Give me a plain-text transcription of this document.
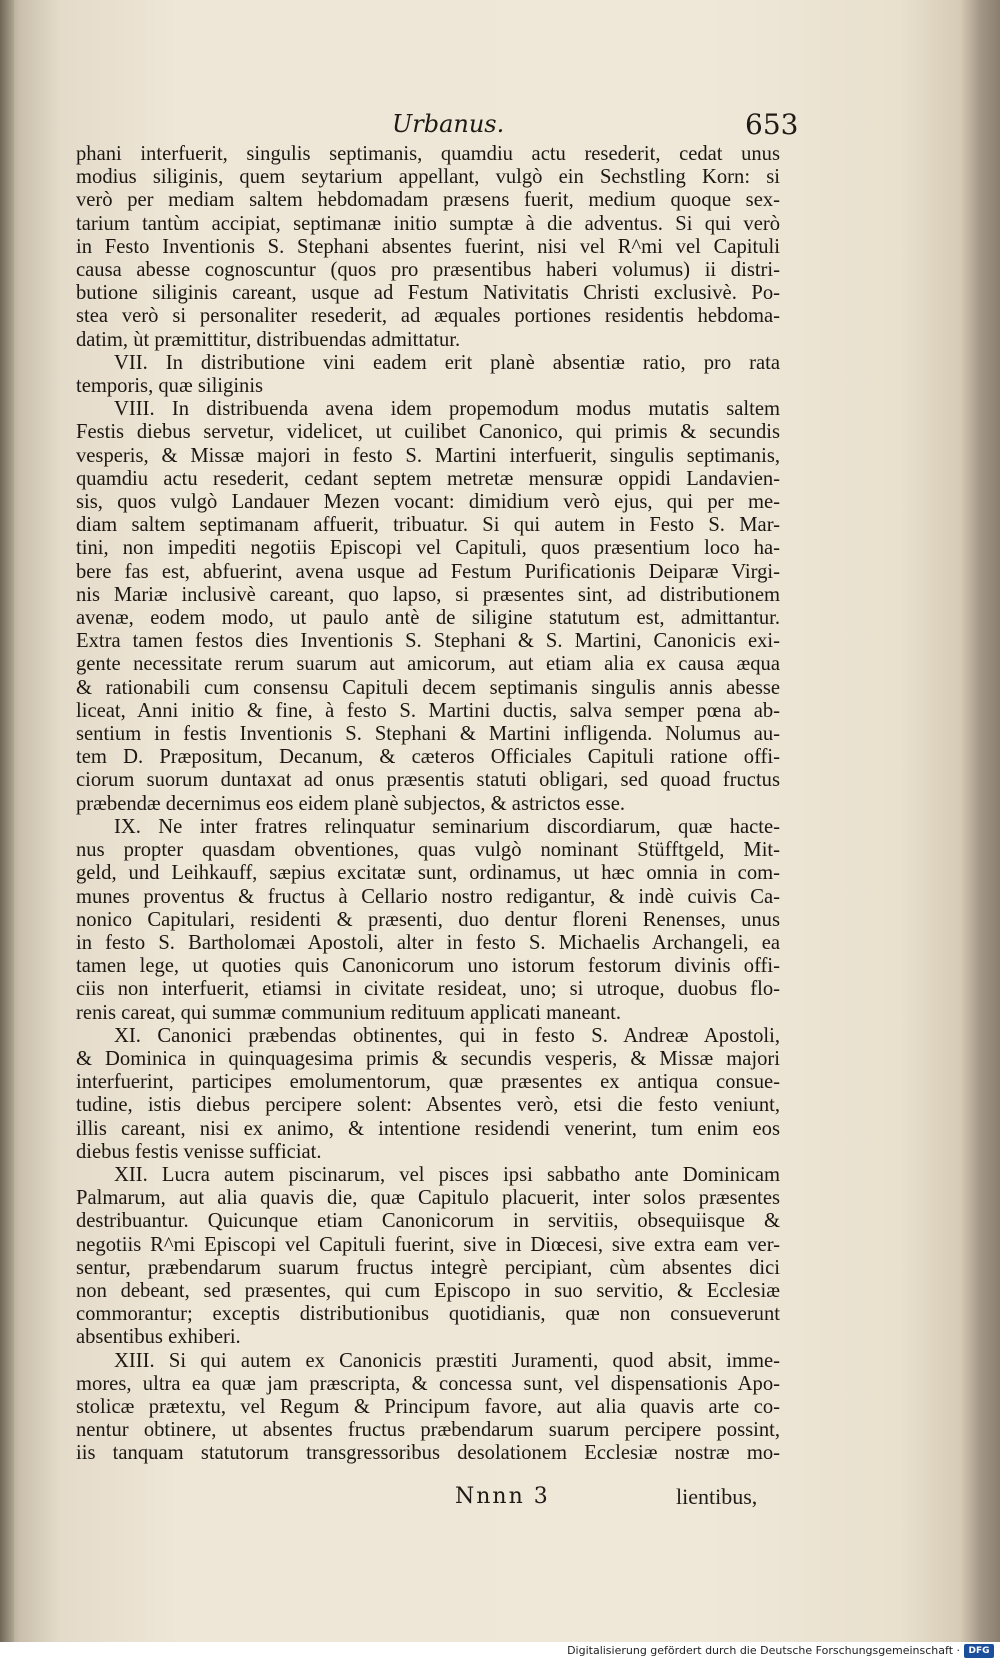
Urbanus.	653
phani interfuerit, singulis septimanis, quamdiu actu resederit, cedat unus
modius siliginis, quem seytarium appellant, vulgò ein Sechstling Korn: si
verò per mediam saltem hebdomadam præsens fuerit, medium quoque sex-
tarium tantùm accipiat, septimanæ initio sumptæ à die adventus. Si qui verò
in Festo Inventionis S. Stephani absentes fuerint, nisi vel R^mi vel Capituli
causa abesse cognoscuntur (quos pro præsentibus haberi volumus) ii distri-
butione siliginis careant, usque ad Festum Nativitatis Christi exclusivè. Po-
stea verò si personaliter resederit, ad æquales portiones residentis hebdoma-
datim, ùt præmittitur, distribuendas admittatur.
VII. In distributione vini eadem erit planè absentiæ ratio, pro rata
temporis, quæ siliginis
VIII. In distribuenda avena idem propemodum modus mutatis saltem
Festis diebus servetur, videlicet, ut cuilibet Canonico, qui primis & secundis
vesperis, & Missæ majori in festo S. Martini interfuerit, singulis septimanis,
quamdiu actu resederit, cedant septem metretæ mensuræ oppidi Landavien-
sis, quos vulgò Landauer Mezen vocant: dimidium verò ejus, qui per me-
diam saltem septimanam affuerit, tribuatur. Si qui autem in Festo S. Mar-
tini, non impediti negotiis Episcopi vel Capituli, quos præsentium loco ha-
bere fas est, abfuerint, avena usque ad Festum Purificationis Deiparæ Virgi-
nis Mariæ inclusivè careant, quo lapso, si præsentes sint, ad distributionem
avenæ, eodem modo, ut paulo antè de siligine statutum est, admittantur.
Extra tamen festos dies Inventionis S. Stephani & S. Martini, Canonicis exi-
gente necessitate rerum suarum aut amicorum, aut etiam alia ex causa æqua
& rationabili cum consensu Capituli decem septimanis singulis annis abesse
liceat, Anni initio & fine, à festo S. Martini ductis, salva semper pœna ab-
sentium in festis Inventionis S. Stephani & Martini infligenda. Nolumus au-
tem D. Præpositum, Decanum, & cæteros Officiales Capituli ratione offi-
ciorum suorum duntaxat ad onus præsentis statuti obligari, sed quoad fructus
præbendæ decernimus eos eidem planè subjectos, & astrictos esse.
IX. Ne inter fratres relinquatur seminarium discordiarum, quæ hacte-
nus propter quasdam obventiones, quas vulgò nominant Stüfftgeld, Mit-
geld, und Leihkauff, sæpius excitatæ sunt, ordinamus, ut hæc omnia in com-
munes proventus & fructus à Cellario nostro redigantur, & indè cuivis Ca-
nonico Capitulari, residenti & præsenti, duo dentur floreni Renenses, unus
in festo S. Bartholomæi Apostoli, alter in festo S. Michaelis Archangeli, ea
tamen lege, ut quoties quis Canonicorum uno istorum festorum divinis offi-
ciis non interfuerit, etiamsi in civitate resideat, uno; si utroque, duobus flo-
renis careat, qui summæ communium redituum applicati maneant.
XI. Canonici præbendas obtinentes, qui in festo S. Andreæ Apostoli,
& Dominica in quinquagesima primis & secundis vesperis, & Missæ majori
interfuerint, participes emolumentorum, quæ præsentes ex antiqua consue-
tudine, istis diebus percipere solent: Absentes verò, etsi die festo veniunt,
illis careant, nisi ex animo, & intentione residendi venerint, tum enim eos
diebus festis venisse sufficiat.
XII. Lucra autem piscinarum, vel pisces ipsi sabbatho ante Dominicam
Palmarum, aut alia quavis die, quæ Capitulo placuerit, inter solos præsentes
destribuantur. Quicunque etiam Canonicorum in servitiis, obsequiisque &
negotiis R^mi Episcopi vel Capituli fuerint, sive in Diœcesi, sive extra eam ver-
sentur, præbendarum suarum fructus integrè percipiant, cùm absentes dici
non debeant, sed præsentes, qui cum Episcopo in suo servitio, & Ecclesiæ
commorantur; exceptis distributionibus quotidianis, quæ non consueverunt
absentibus exhiberi.
XIII. Si qui autem ex Canonicis præstiti Juramenti, quod absit, imme-
mores, ultra ea quæ jam præscripta, & concessa sunt, vel dispensationis Apo-
stolicæ prætextu, vel Regum & Principum favore, aut alia quavis arte co-
nentur obtinere, ut absentes fructus præbendarum suarum percipere possint,
iis tanquam statutorum transgressoribus desolationem Ecclesiæ nostræ mo-
Nnnn 3	lientibus,
Digitalisierung gefördert durch die Deutsche Forschungsgemeinschaft · DFG
